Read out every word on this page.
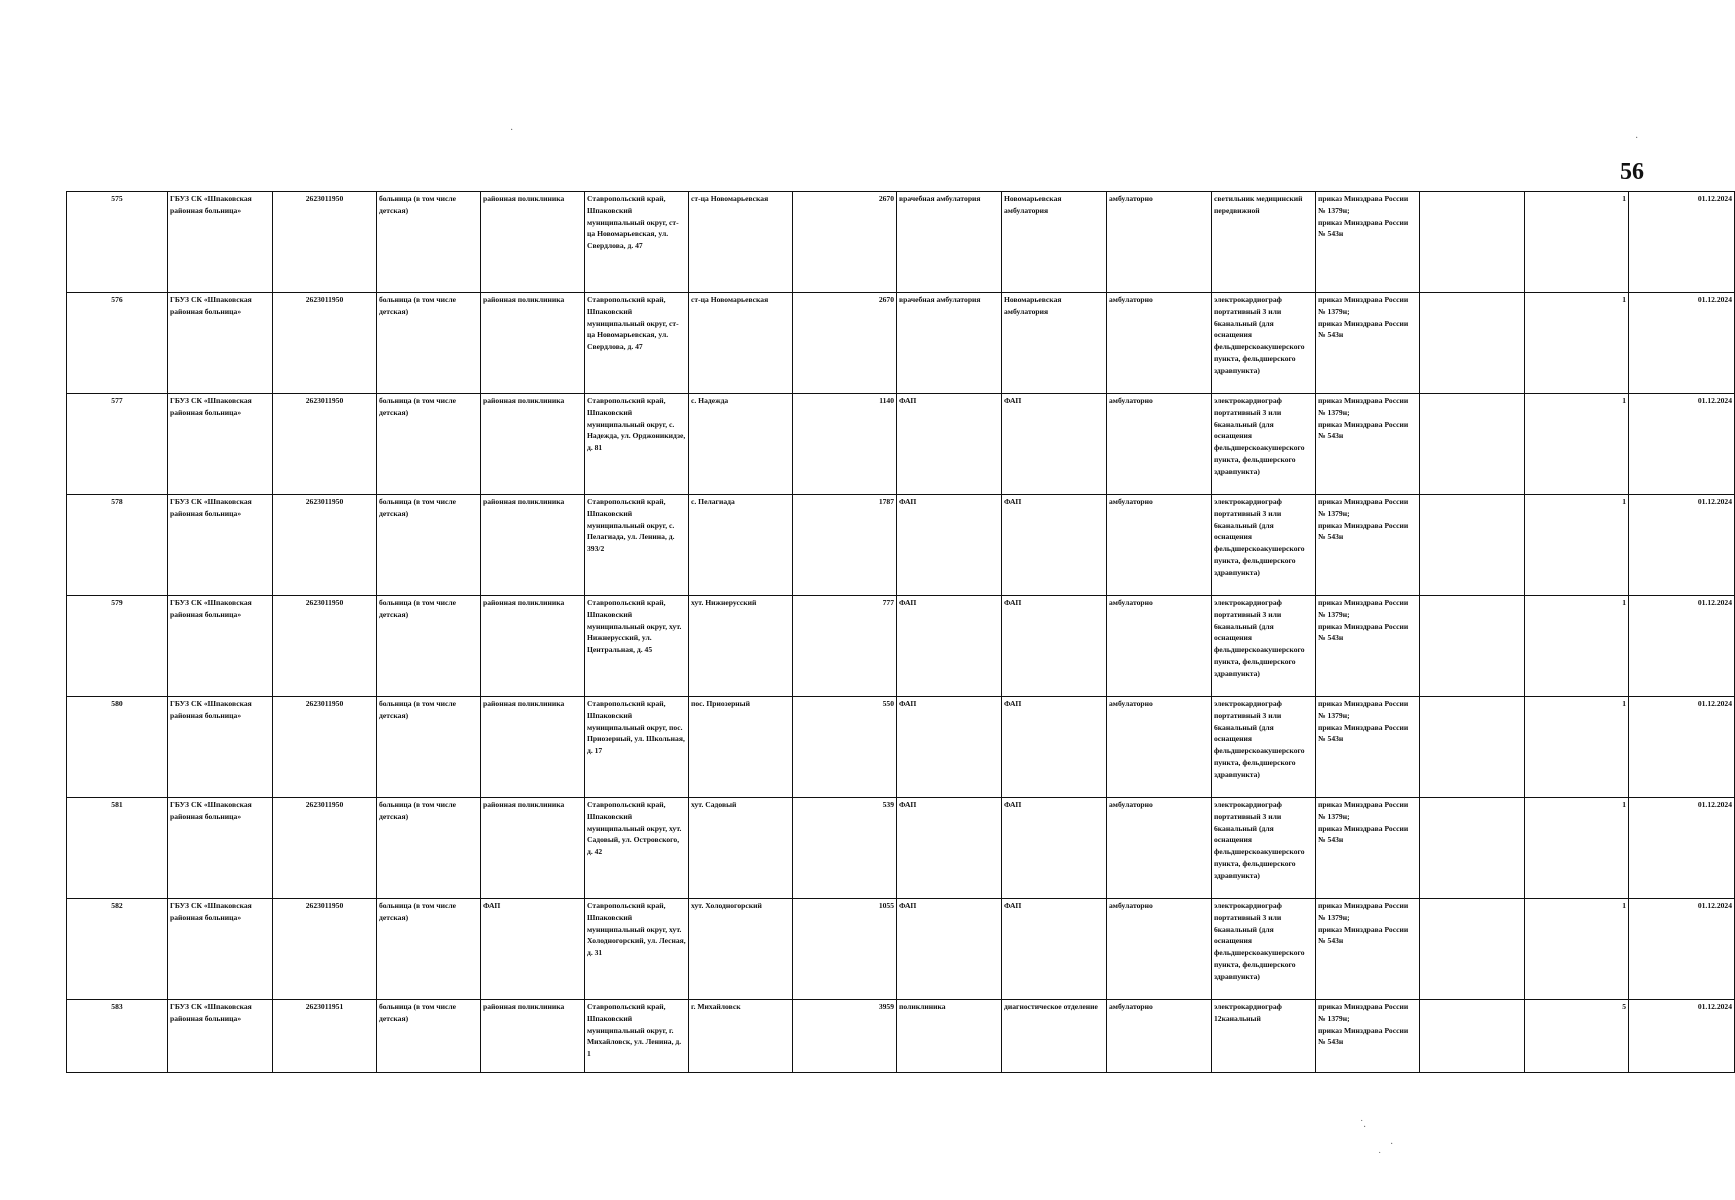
56
·
·
˙.
·
˙
575	ГБУЗ СК «Шпаковская районная больница»	2623011950	больница (в том числе детская)	районная поликлиника	Ставропольский край, Шпаковский муниципальный округ, ст-ца Новомарьевская, ул. Свердлова, д. 47	ст-ца Новомарьевская	2670	врачебная амбулатория	Новомарьевская амбулатория	амбулаторно	светильник медицинский передвижной	приказ Минздрава России № 1379н;
приказ Минздрава России № 543н		1	01.12.2024
576	ГБУЗ СК «Шпаковская районная больница»	2623011950	больница (в том числе детская)	районная поликлиника	Ставропольский край, Шпаковский муниципальный округ, ст-ца Новомарьевская, ул. Свердлова, д. 47	ст-ца Новомарьевская	2670	врачебная амбулатория	Новомарьевская амбулатория	амбулаторно	электрокардиограф портативный 3 или 6канальный (для оснащения фельдшерскоакушерского пункта, фельдшерского здравпункта)	приказ Минздрава России № 1379н;
приказ Минздрава России № 543н		1	01.12.2024
577	ГБУЗ СК «Шпаковская районная больница»	2623011950	больница (в том числе детская)	районная поликлиника	Ставропольский край, Шпаковский муниципальный округ, с. Надежда, ул. Орджоникидзе, д. 81	с. Надежда	1140	ФАП	ФАП	амбулаторно	электрокардиограф портативный 3 или 6канальный (для оснащения фельдшерскоакушерского пункта, фельдшерского здравпункта)	приказ Минздрава России № 1379н;
приказ Минздрава России № 543н		1	01.12.2024
578	ГБУЗ СК «Шпаковская районная больница»	2623011950	больница (в том числе детская)	районная поликлиника	Ставропольский край, Шпаковский муниципальный округ, с. Пелагиада, ул. Ленина, д. 393/2	с. Пелагиада	1787	ФАП	ФАП	амбулаторно	электрокардиограф портативный 3 или 6канальный (для оснащения фельдшерскоакушерского пункта, фельдшерского здравпункта)	приказ Минздрава России № 1379н;
приказ Минздрава России № 543н		1	01.12.2024
579	ГБУЗ СК «Шпаковская районная больница»	2623011950	больница (в том числе детская)	районная поликлиника	Ставропольский край, Шпаковский муниципальный округ, хут. Нижнерусский, ул. Центральная, д. 45	хут. Нижнерусский	777	ФАП	ФАП	амбулаторно	электрокардиограф портативный 3 или 6канальный (для оснащения фельдшерскоакушерского пункта, фельдшерского здравпункта)	приказ Минздрава России № 1379н;
приказ Минздрава России № 543н		1	01.12.2024
580	ГБУЗ СК «Шпаковская районная больница»	2623011950	больница (в том числе детская)	районная поликлиника	Ставропольский край, Шпаковский муниципальный округ, пос. Приозерный, ул. Школьная, д. 17	пос. Приозерный	550	ФАП	ФАП	амбулаторно	электрокардиограф портативный 3 или 6канальный (для оснащения фельдшерскоакушерского пункта, фельдшерского здравпункта)	приказ Минздрава России № 1379н;
приказ Минздрава России № 543н		1	01.12.2024
581	ГБУЗ СК «Шпаковская районная больница»	2623011950	больница (в том числе детская)	районная поликлиника	Ставропольский край, Шпаковский муниципальный округ, хут. Садовый, ул. Островского, д. 42	хут. Садовый	539	ФАП	ФАП	амбулаторно	электрокардиограф портативный 3 или 6канальный (для оснащения фельдшерскоакушерского пункта, фельдшерского здравпункта)	приказ Минздрава России № 1379н;
приказ Минздрава России № 543н		1	01.12.2024
582	ГБУЗ СК «Шпаковская районная больница»	2623011950	больница (в том числе детская)	ФАП	Ставропольский край, Шпаковский муниципальный округ, хут. Холодногорский, ул. Лесная, д. 31	хут. Холодногорский	1055	ФАП	ФАП	амбулаторно	электрокардиограф портативный 3 или 6канальный (для оснащения фельдшерскоакушерского пункта, фельдшерского здравпункта)	приказ Минздрава России № 1379н;
приказ Минздрава России № 543н		1	01.12.2024
583	ГБУЗ СК «Шпаковская районная больница»	2623011951	больница (в том числе детская)	районная поликлиника	Ставропольский край, Шпаковский муниципальный округ, г. Михайловск, ул. Ленина, д. 1	г. Михайловск	3959	поликлиника	диагностическое отделение	амбулаторно	электрокардиограф 12канальный	приказ Минздрава России № 1379н;
приказ Минздрава России № 543н		5	01.12.2024
